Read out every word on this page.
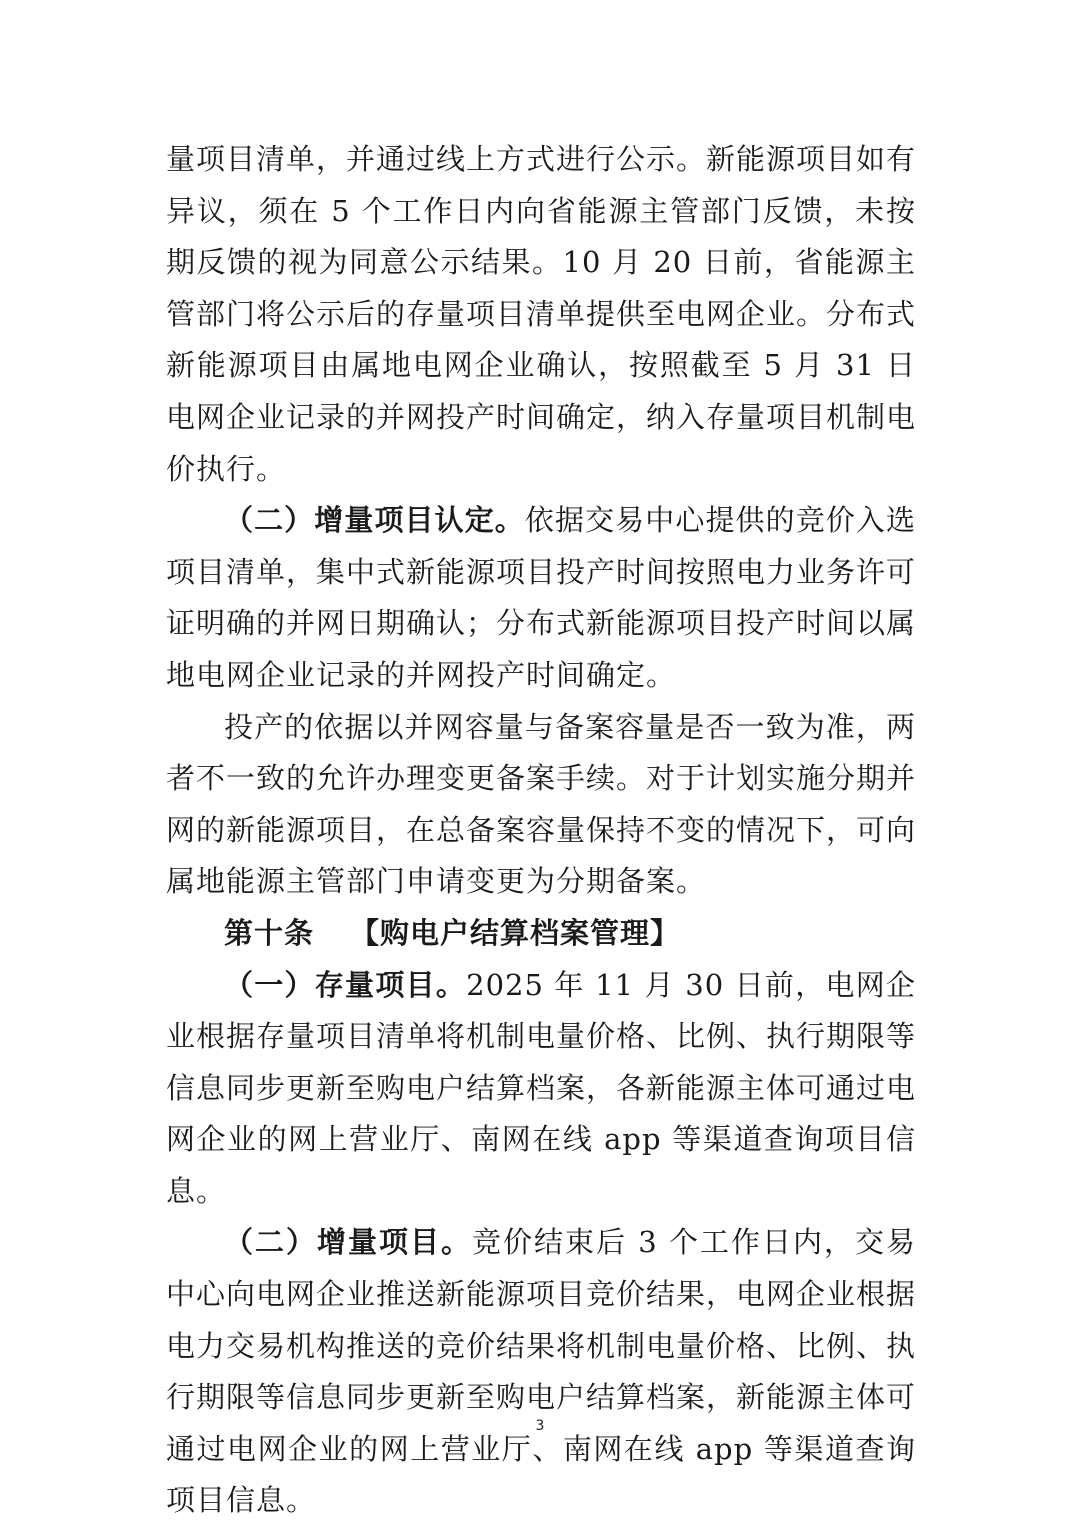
量项目清单，并通过线上方式进行公示。新能源项目如有异议，须在 5 个工作日内向省能源主管部门反馈，未按期反馈的视为同意公示结果。10 月 20 日前，省能源主管部门将公示后的存量项目清单提供至电网企业。分布式新能源项目由属地电网企业确认，按照截至 5 月 31 日电网企业记录的并网投产时间确定，纳入存量项目机制电价执行。

（二）增量项目认定。依据交易中心提供的竞价入选项目清单，集中式新能源项目投产时间按照电力业务许可证明确的并网日期确认；分布式新能源项目投产时间以属地电网企业记录的并网投产时间确定。

投产的依据以并网容量与备案容量是否一致为准，两者不一致的允许办理变更备案手续。对于计划实施分期并网的新能源项目，在总备案容量保持不变的情况下，可向属地能源主管部门申请变更为分期备案。

第十条 【购电户结算档案管理】

（一）存量项目。2025 年 11 月 30 日前，电网企业根据存量项目清单将机制电量价格、比例、执行期限等信息同步更新至购电户结算档案，各新能源主体可通过电网企业的网上营业厅、南网在线 app 等渠道查询项目信息。

（二）增量项目。竞价结束后 3 个工作日内，交易中心向电网企业推送新能源项目竞价结果，电网企业根据电力交易机构推送的竞价结果将机制电量价格、比例、执行期限等信息同步更新至购电户结算档案，新能源主体可通过电网企业的网上营业厅、南网在线 app 等渠道查询项目信息。

3
